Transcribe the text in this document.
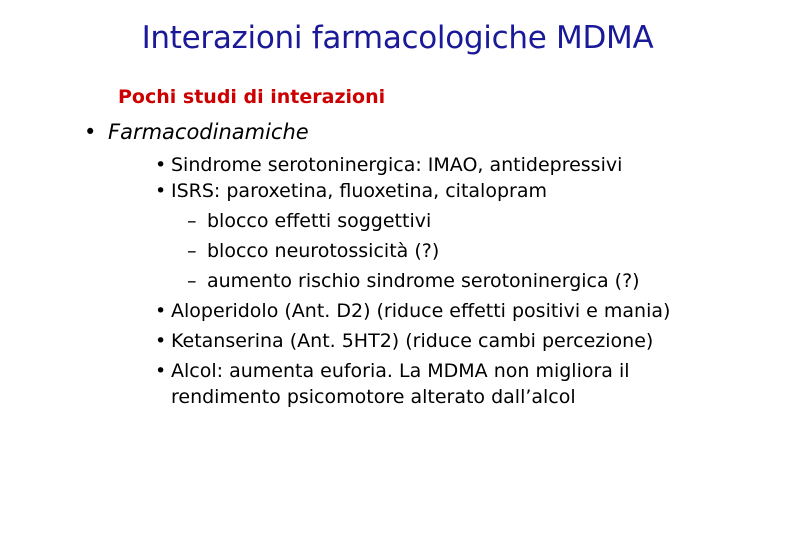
Interazioni farmacologiche MDMA
Pochi studi di interazioni
• Farmacodinamiche
• Sindrome serotoninergica: IMAO, antidepressivi
• ISRS: paroxetina, fluoxetina, citalopram
– blocco effetti soggettivi
– blocco neurotossicità (?)
– aumento rischio sindrome serotoninergica (?)
• Aloperidolo (Ant. D2) (riduce effetti positivi e mania)
• Ketanserina (Ant. 5HT2) (riduce cambi percezione)
• Alcol: aumenta euforia. La MDMA non migliora il
rendimento psicomotore alterato dall’alcol
